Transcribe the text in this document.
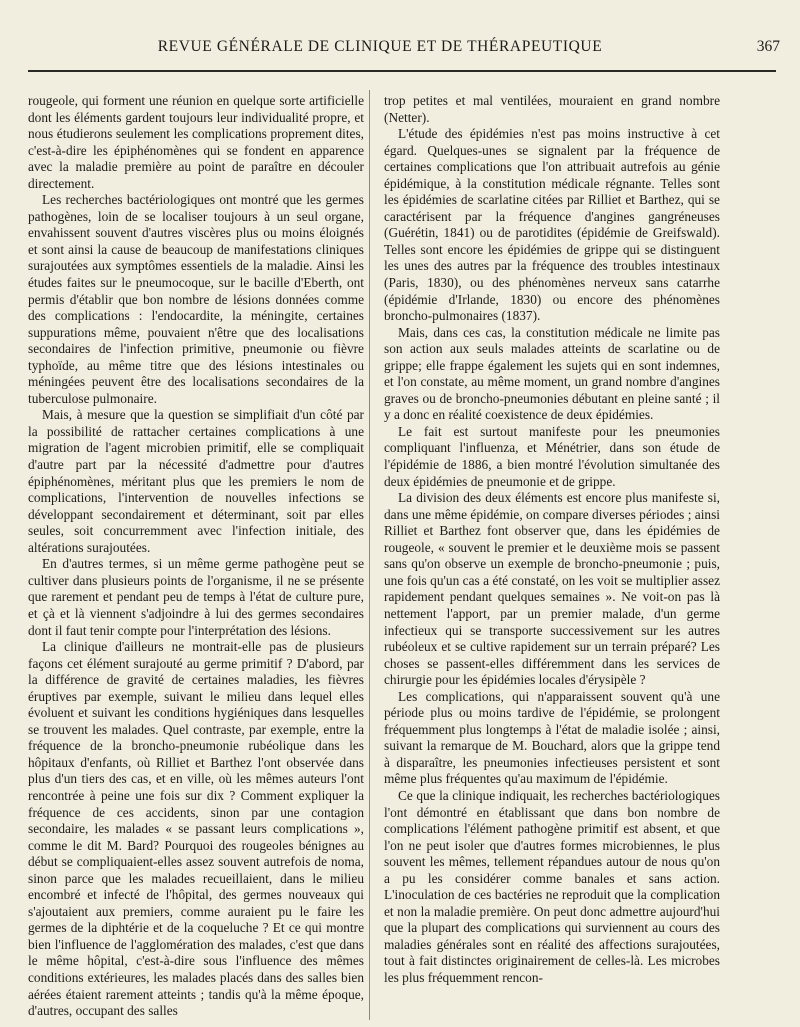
REVUE GÉNÉRALE DE CLINIQUE ET DE THÉRAPEUTIQUE	367

rougeole, qui forment une réunion en quelque sorte artificielle dont les éléments gardent toujours leur individualité propre, et nous étudierons seulement les complications proprement dites, c'est-à-dire les épiphénomènes qui se fondent en apparence avec la maladie première au point de paraître en découler directement.

Les recherches bactériologiques ont montré que les germes pathogènes, loin de se localiser toujours à un seul organe, envahissent souvent d'autres viscères plus ou moins éloignés et sont ainsi la cause de beaucoup de manifestations cliniques surajoutées aux symptômes essentiels de la maladie. Ainsi les études faites sur le pneumocoque, sur le bacille d'Eberth, ont permis d'établir que bon nombre de lésions données comme des complications : l'endocardite, la méningite, certaines suppurations même, pouvaient n'être que des localisations secondaires de l'infection primitive, pneumonie ou fièvre typhoïde, au même titre que des lésions intestinales ou méningées peuvent être des localisations secondaires de la tuberculose pulmonaire.

Mais, à mesure que la question se simplifiait d'un côté par la possibilité de rattacher certaines complications à une migration de l'agent microbien primitif, elle se compliquait d'autre part par la nécessité d'admettre pour d'autres épiphénomènes, méritant plus que les premiers le nom de complications, l'intervention de nouvelles infections se développant secondairement et déterminant, soit par elles seules, soit concurremment avec l'infection initiale, des altérations surajoutées.

En d'autres termes, si un même germe pathogène peut se cultiver dans plusieurs points de l'organisme, il ne se présente que rarement et pendant peu de temps à l'état de culture pure, et çà et là viennent s'adjoindre à lui des germes secondaires dont il faut tenir compte pour l'interprétation des lésions.

La clinique d'ailleurs ne montrait-elle pas de plusieurs façons cet élément surajouté au germe primitif ? D'abord, par la différence de gravité de certaines maladies, les fièvres éruptives par exemple, suivant le milieu dans lequel elles évoluent et suivant les conditions hygiéniques dans lesquelles se trouvent les malades. Quel contraste, par exemple, entre la fréquence de la broncho-pneumonie rubéolique dans les hôpitaux d'enfants, où Rilliet et Barthez l'ont observée dans plus d'un tiers des cas, et en ville, où les mêmes auteurs l'ont rencontrée à peine une fois sur dix ? Comment expliquer la fréquence de ces accidents, sinon par une contagion secondaire, les malades « se passant leurs complications », comme le dit M. Bard? Pourquoi des rougeoles bénignes au début se compliquaient-elles assez souvent autrefois de noma, sinon parce que les malades recueillaient, dans le milieu encombré et infecté de l'hôpital, des germes nouveaux qui s'ajoutaient aux premiers, comme auraient pu le faire les germes de la diphtérie et de la coqueluche ? Et ce qui montre bien l'influence de l'agglomération des malades, c'est que dans le même hôpital, c'est-à-dire sous l'influence des mêmes conditions extérieures, les malades placés dans des salles bien aérées étaient rarement atteints ; tandis qu'à la même époque, d'autres, occupant des salles

trop petites et mal ventilées, mouraient en grand nombre (Netter).

L'étude des épidémies n'est pas moins instructive à cet égard. Quelques-unes se signalent par la fréquence de certaines complications que l'on attribuait autrefois au génie épidémique, à la constitution médicale régnante. Telles sont les épidémies de scarlatine citées par Rilliet et Barthez, qui se caractérisent par la fréquence d'angines gangréneuses (Guérétin, 1841) ou de parotidites (épidémie de Greifswald). Telles sont encore les épidémies de grippe qui se distinguent les unes des autres par la fréquence des troubles intestinaux (Paris, 1830), ou des phénomènes nerveux sans catarrhe (épidémie d'Irlande, 1830) ou encore des phénomènes broncho-pulmonaires (1837).

Mais, dans ces cas, la constitution médicale ne limite pas son action aux seuls malades atteints de scarlatine ou de grippe; elle frappe également les sujets qui en sont indemnes, et l'on constate, au même moment, un grand nombre d'angines graves ou de broncho-pneumonies débutant en pleine santé ; il y a donc en réalité coexistence de deux épidémies.

Le fait est surtout manifeste pour les pneumonies compliquant l'influenza, et Ménétrier, dans son étude de l'épidémie de 1886, a bien montré l'évolution simultanée des deux épidémies de pneumonie et de grippe.

La division des deux éléments est encore plus manifeste si, dans une même épidémie, on compare diverses périodes ; ainsi Rilliet et Barthez font observer que, dans les épidémies de rougeole, « souvent le premier et le deuxième mois se passent sans qu'on observe un exemple de broncho-pneumonie ; puis, une fois qu'un cas a été constaté, on les voit se multiplier assez rapidement pendant quelques semaines ». Ne voit-on pas là nettement l'apport, par un premier malade, d'un germe infectieux qui se transporte successivement sur les autres rubéoleux et se cultive rapidement sur un terrain préparé? Les choses se passent-elles différemment dans les services de chirurgie pour les épidémies locales d'érysipèle ?

Les complications, qui n'apparaissent souvent qu'à une période plus ou moins tardive de l'épidémie, se prolongent fréquemment plus longtemps à l'état de maladie isolée ; ainsi, suivant la remarque de M. Bouchard, alors que la grippe tend à disparaître, les pneumonies infectieuses persistent et sont même plus fréquentes qu'au maximum de l'épidémie.

Ce que la clinique indiquait, les recherches bactériologiques l'ont démontré en établissant que dans bon nombre de complications l'élément pathogène primitif est absent, et que l'on ne peut isoler que d'autres formes microbiennes, le plus souvent les mêmes, tellement répandues autour de nous qu'on a pu les considérer comme banales et sans action. L'inoculation de ces bactéries ne reproduit que la complication et non la maladie première. On peut donc admettre aujourd'hui que la plupart des complications qui surviennent au cours des maladies générales sont en réalité des affections surajoutées, tout à fait distinctes originairement de celles-là. Les microbes les plus fréquemment rencon-
